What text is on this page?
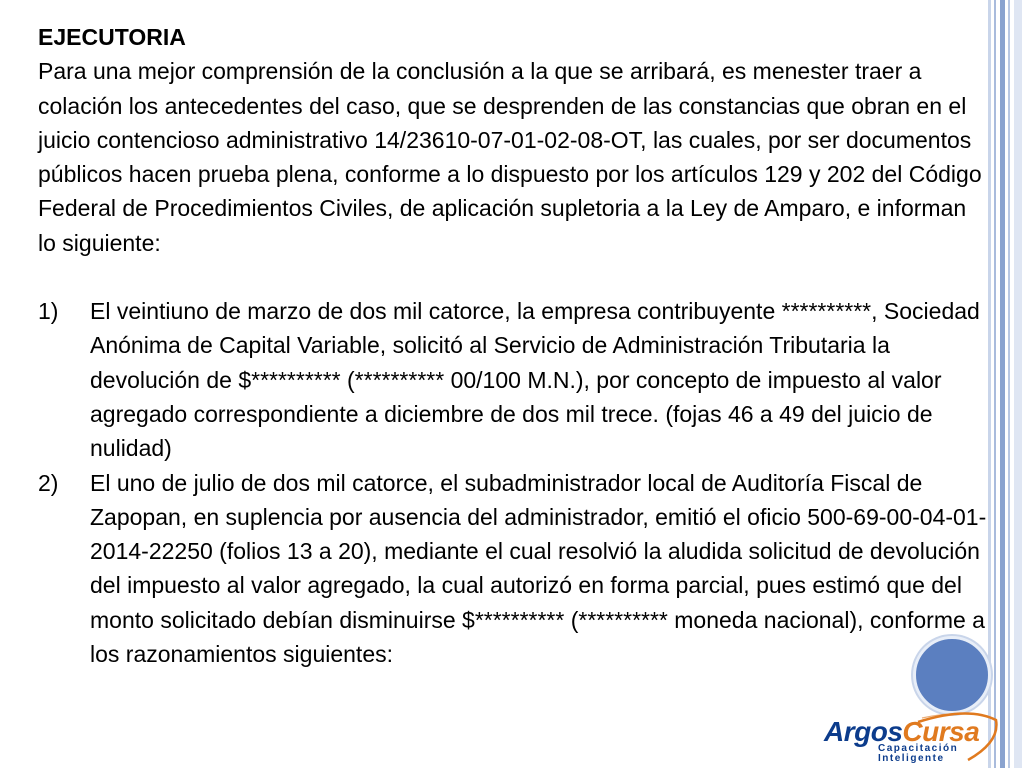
EJECUTORIA

Para una mejor comprensión de la conclusión a la que se arribará, es menester traer a colación los antecedentes del caso, que se desprenden de las constancias que obran en el juicio contencioso administrativo 14/23610-07-01-02-08-OT, las cuales, por ser documentos públicos hacen prueba plena, conforme a lo dispuesto por los artículos 129 y 202 del Código Federal de Procedimientos Civiles, de aplicación supletoria a la Ley de Amparo, e informan lo siguiente:

1) El veintiuno de marzo de dos mil catorce, la empresa contribuyente **********, Sociedad Anónima de Capital Variable, solicitó al Servicio de Administración Tributaria la devolución de $********** (********** 00/100 M.N.), por concepto de impuesto al valor agregado correspondiente a diciembre de dos mil trece. (fojas 46 a 49 del juicio de nulidad)

2) El uno de julio de dos mil catorce, el subadministrador local de Auditoría Fiscal de Zapopan, en suplencia por ausencia del administrador, emitió el oficio 500-69-00-04-01-2014-22250 (folios 13 a 20), mediante el cual resolvió la aludida solicitud de devolución del impuesto al valor agregado, la cual autorizó en forma parcial, pues estimó que del monto solicitado debían disminuirse $********** (********** moneda nacional), conforme a los razonamientos siguientes:

ArgosCursa
Capacitación
Inteligente
